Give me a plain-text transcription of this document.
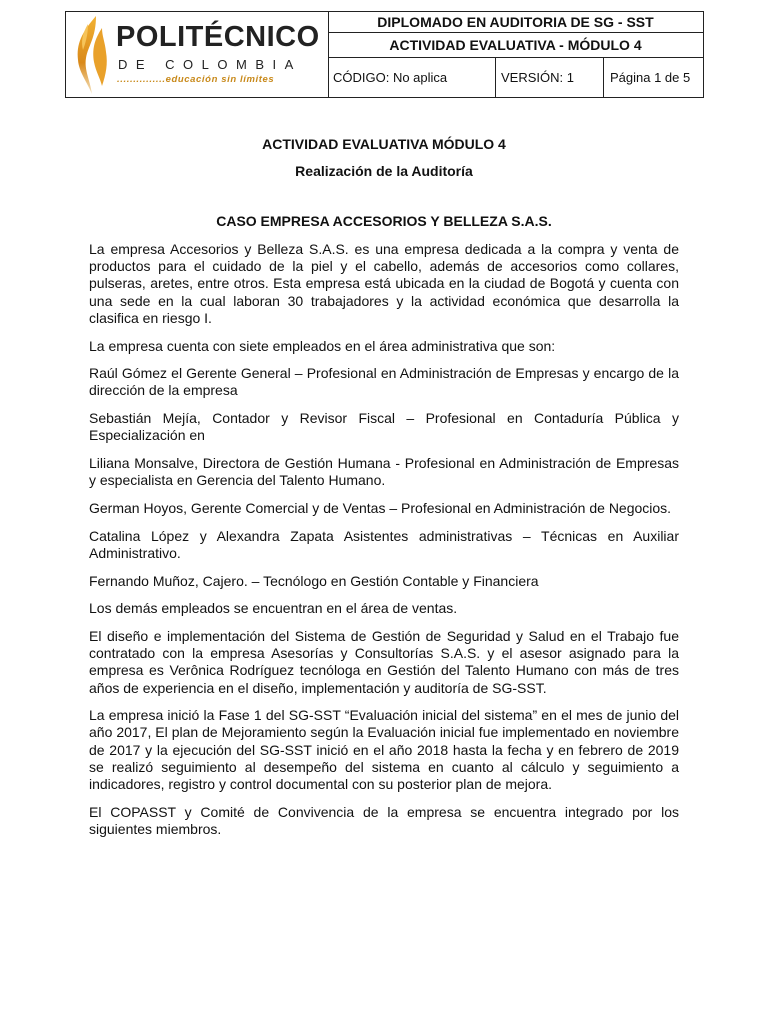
POLITÉCNICO
DE COLOMBIA
...............educación sin límites
DIPLOMADO EN AUDITORIA DE SG - SST
ACTIVIDAD EVALUATIVA - MÓDULO 4
CÓDIGO: No aplica	VERSIÓN: 1	Página 1 de 5
ACTIVIDAD EVALUATIVA MÓDULO 4
Realización de la Auditoría
CASO EMPRESA ACCESORIOS Y BELLEZA S.A.S.

La empresa Accesorios y Belleza S.A.S. es una empresa dedicada a la compra y venta de productos para el cuidado de la piel y el cabello, además de accesorios como collares, pulseras, aretes, entre otros. Esta empresa está ubicada en la ciudad de Bogotá y cuenta con una sede en la cual laboran 30 trabajadores y la actividad económica que desarrolla la clasifica en riesgo I.

La empresa cuenta con siete empleados en el área administrativa que son:

Raúl Gómez el Gerente General – Profesional en Administración de Empresas y encargo de la dirección de la empresa

Sebastián Mejía, Contador y Revisor Fiscal – Profesional en Contaduría Pública y Especialización en

Liliana Monsalve, Directora de Gestión Humana - Profesional en Administración de Empresas y especialista en Gerencia del Talento Humano.

German Hoyos, Gerente Comercial y de Ventas – Profesional en Administración de Negocios.

Catalina López y Alexandra Zapata Asistentes administrativas – Técnicas en Auxiliar Administrativo.

Fernando Muñoz, Cajero. – Tecnólogo en Gestión Contable y Financiera

Los demás empleados se encuentran en el área de ventas.

El diseño e implementación del Sistema de Gestión de Seguridad y Salud en el Trabajo fue contratado con la empresa Asesorías y Consultorías S.A.S. y el asesor asignado para la empresa es Verônica Rodríguez tecnóloga en Gestión del Talento Humano con más de tres años de experiencia en el diseño, implementación y auditoría de SG-SST.

La empresa inició la Fase 1 del SG-SST “Evaluación inicial del sistema” en el mes de junio del año 2017, El plan de Mejoramiento según la Evaluación inicial fue implementado en noviembre de 2017 y la ejecución del SG-SST inició en el año 2018 hasta la fecha y en febrero de 2019 se realizó seguimiento al desempeño del sistema en cuanto al cálculo y seguimiento a indicadores, registro y control documental con su posterior plan de mejora.

El COPASST y Comité de Convivencia de la empresa se encuentra integrado por los siguientes miembros.
